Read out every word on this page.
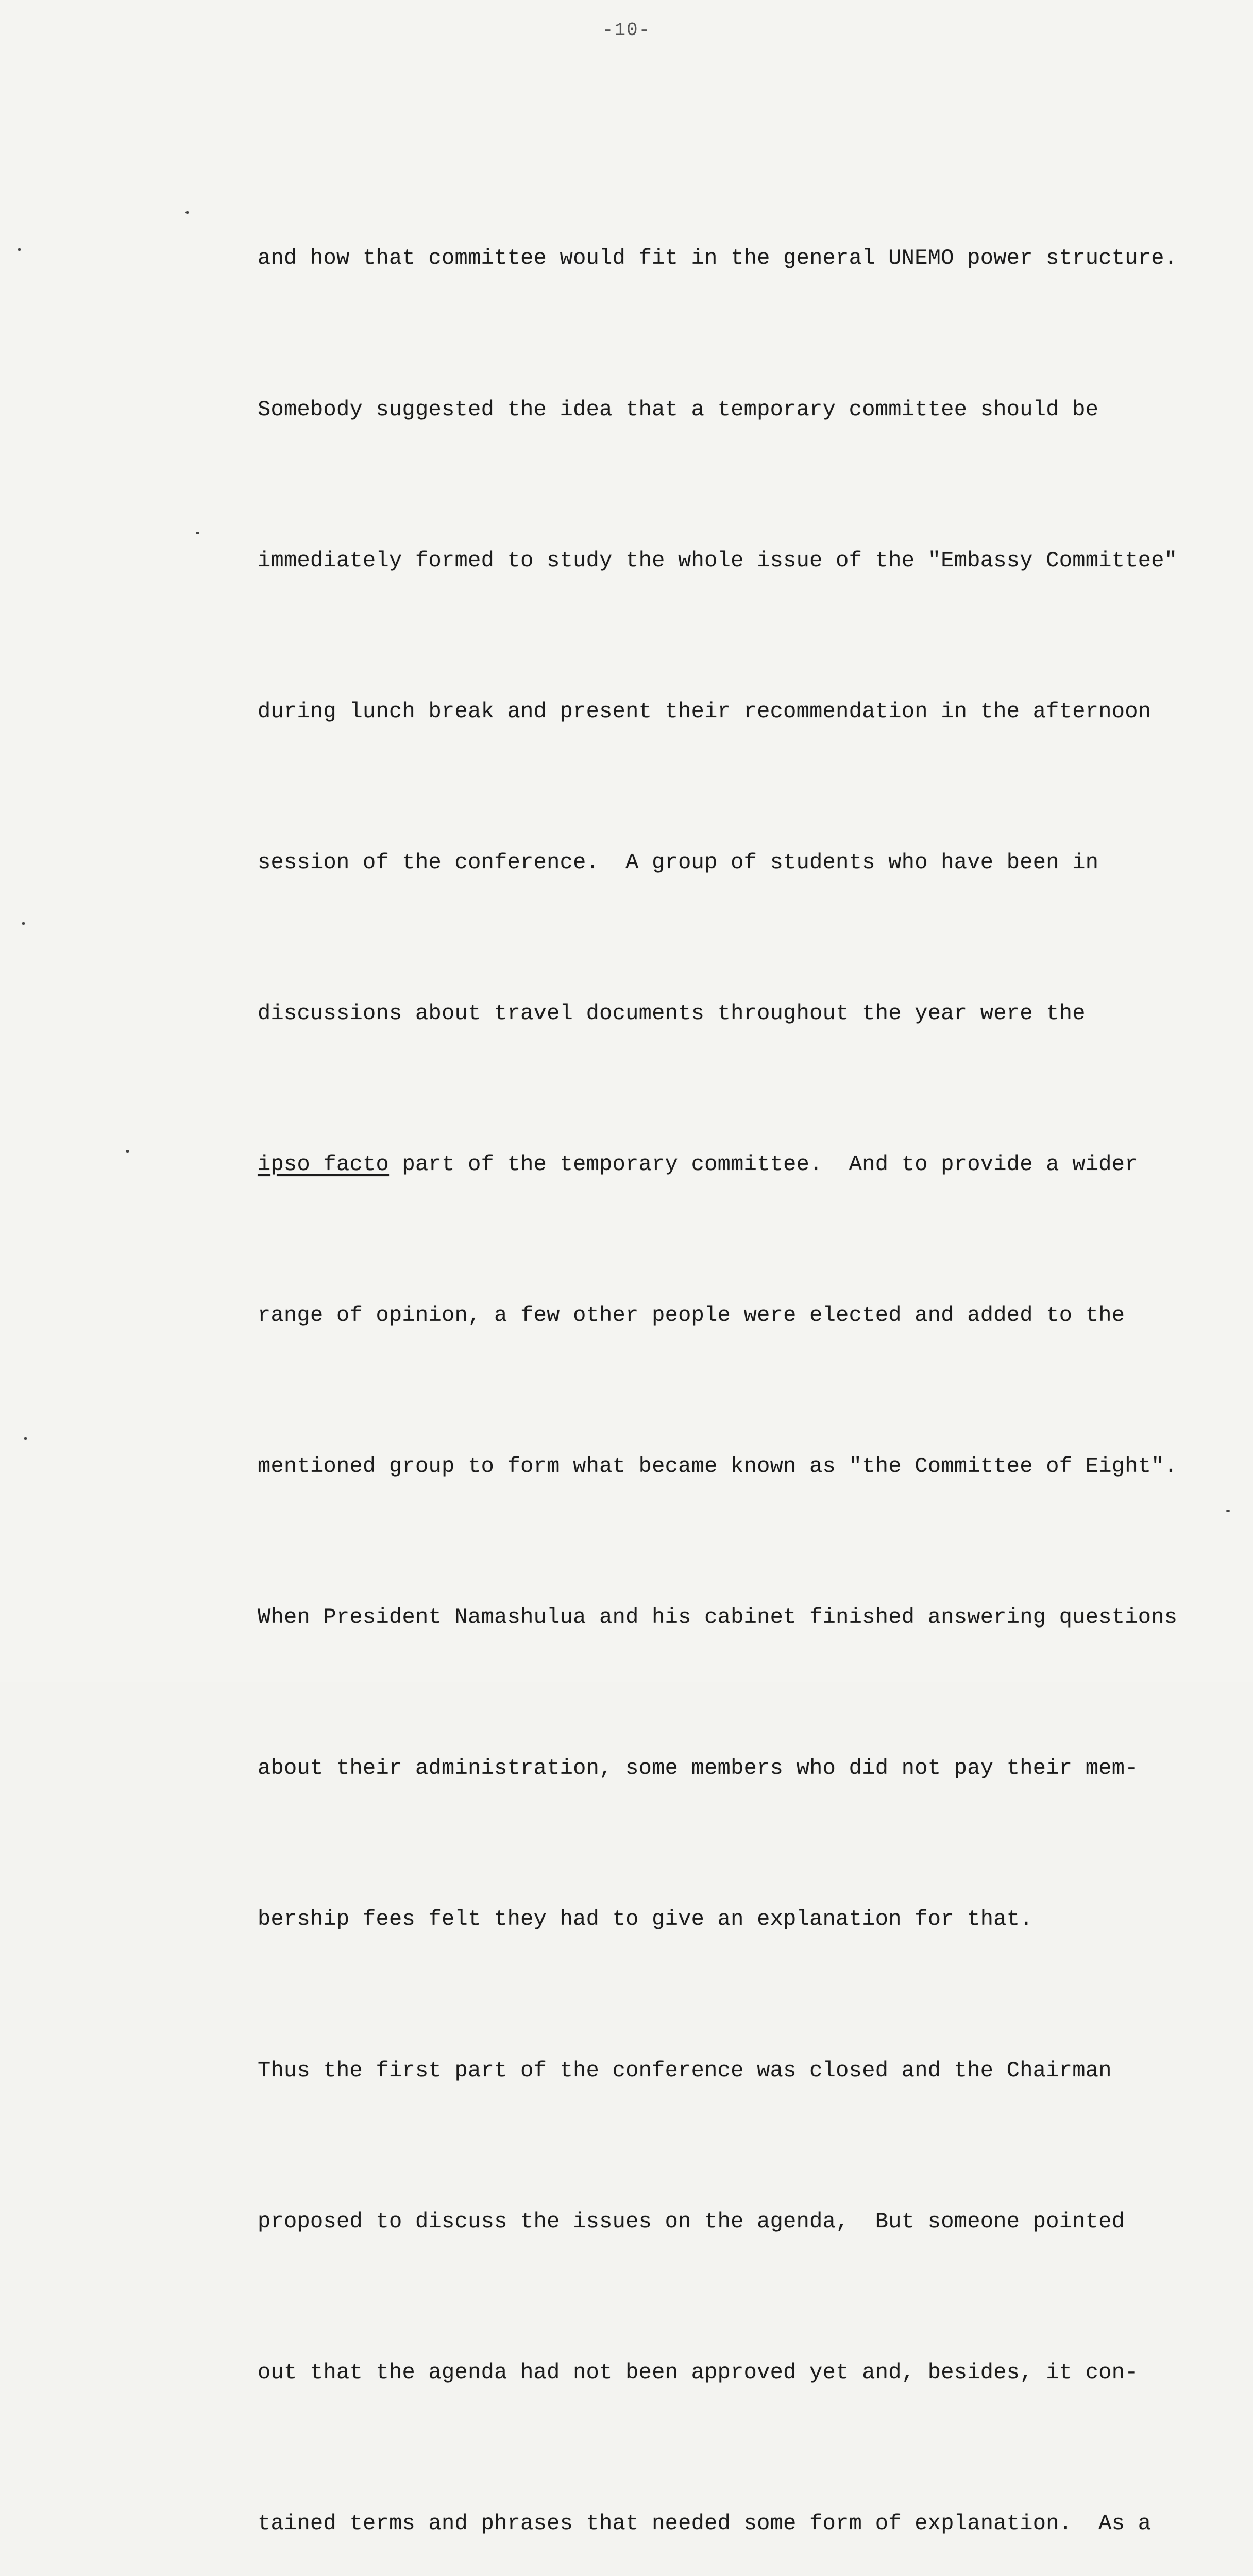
-10-

and how that committee would fit in the general UNEMO power structure.

Somebody suggested the idea that a temporary committee should be

immediately formed to study the whole issue of the "Embassy Committee"

during lunch break and present their recommendation in the afternoon

session of the conference.  A group of students who have been in

discussions about travel documents throughout the year were the

ipso facto part of the temporary committee.  And to provide a wider

range of opinion, a few other people were elected and added to the

mentioned group to form what became known as "the Committee of Eight".

When President Namashulua and his cabinet finished answering questions

about their administration, some members who did not pay their mem-

bership fees felt they had to give an explanation for that.

Thus the first part of the conference was closed and the Chairman

proposed to discuss the issues on the agenda,  But someone pointed

out that the agenda had not been approved yet and, besides, it con-

tained terms and phrases that needed some form of explanation.  As a
